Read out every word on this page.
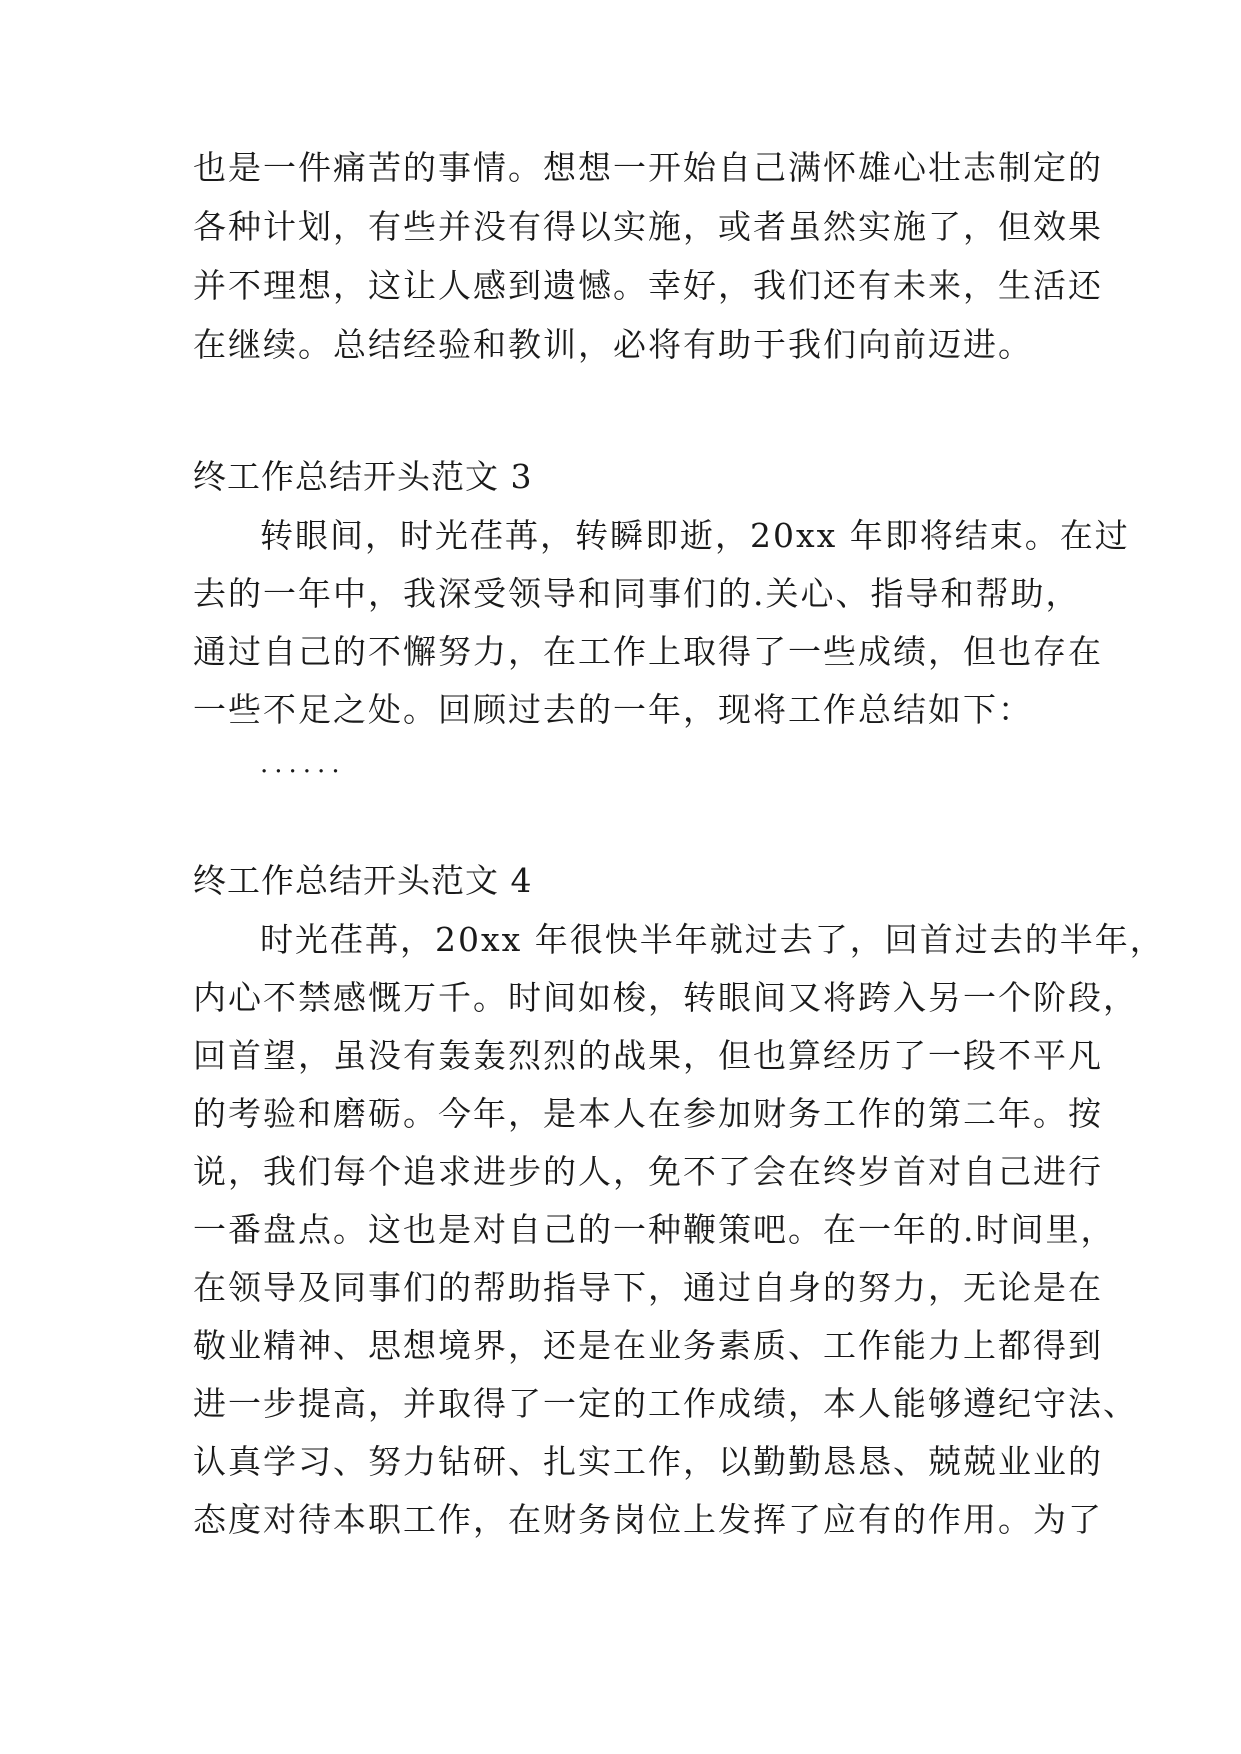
也是一件痛苦的事情。想想一开始自己满怀雄心壮志制定的
各种计划，有些并没有得以实施，或者虽然实施了，但效果
并不理想，这让人感到遗憾。幸好，我们还有未来，生活还
在继续。总结经验和教训，必将有助于我们向前迈进。
终工作总结开头范文 3
转眼间，时光荏苒，转瞬即逝，20xx 年即将结束。在过
去的一年中，我深受领导和同事们的.关心、指导和帮助，
通过自己的不懈努力，在工作上取得了一些成绩，但也存在
一些不足之处。回顾过去的一年，现将工作总结如下：
......
终工作总结开头范文 4
时光荏苒，20xx 年很快半年就过去了，回首过去的半年，
内心不禁感慨万千。时间如梭，转眼间又将跨入另一个阶段，
回首望，虽没有轰轰烈烈的战果，但也算经历了一段不平凡
的考验和磨砺。今年，是本人在参加财务工作的第二年。按
说，我们每个追求进步的人，免不了会在终岁首对自己进行
一番盘点。这也是对自己的一种鞭策吧。在一年的.时间里，
在领导及同事们的帮助指导下，通过自身的努力，无论是在
敬业精神、思想境界，还是在业务素质、工作能力上都得到
进一步提高，并取得了一定的工作成绩，本人能够遵纪守法、
认真学习、努力钻研、扎实工作，以勤勤恳恳、兢兢业业的
态度对待本职工作，在财务岗位上发挥了应有的作用。为了
